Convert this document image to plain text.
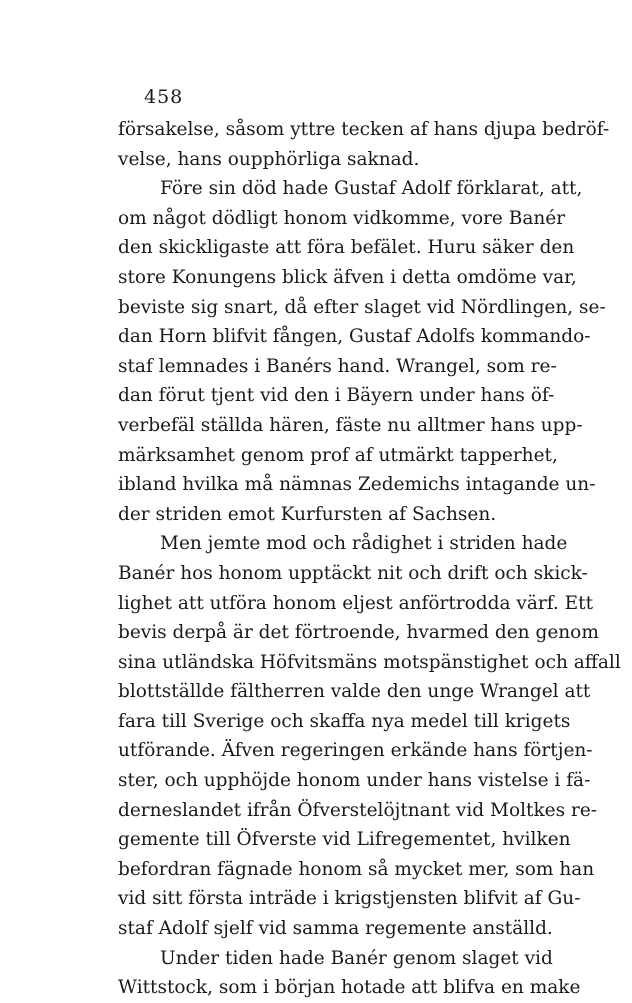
458
försakelse, såsom yttre tecken af hans djupa bedröf-
velse, hans oupphörliga saknad.
Före sin död hade Gustaf Adolf förklarat, att,
om något dödligt honom vidkomme, vore Banér
den skickligaste att föra befälet. Huru säker den
store Konungens blick äfven i detta omdöme var,
beviste sig snart, då efter slaget vid Nördlingen, se-
dan Horn blifvit fången, Gustaf Adolfs kommando-
staf lemnades i Banérs hand. Wrangel, som re-
dan förut tjent vid den i Bäyern under hans öf-
verbefäl ställda hären, fäste nu alltmer hans upp-
märksamhet genom prof af utmärkt tapperhet,
ibland hvilka må nämnas Zedemichs intagande un-
der striden emot Kurfursten af Sachsen.
Men jemte mod och rådighet i striden hade
Banér hos honom upptäckt nit och drift och skick-
lighet att utföra honom eljest anförtrodda värf. Ett
bevis derpå är det förtroende, hvarmed den genom
sina utländska Höfvitsmäns motspänstighet och affall
blottställde fältherren valde den unge Wrangel att
fara till Sverige och skaffa nya medel till krigets
utförande. Äfven regeringen erkände hans förtjen-
ster, och upphöjde honom under hans vistelse i fä-
derneslandet ifrån Öfverstelöjtnant vid Moltkes re-
gemente till Öfverste vid Lifregementet, hvilken
befordran fägnade honom så mycket mer, som han
vid sitt första inträde i krigstjensten blifvit af Gu-
staf Adolf sjelf vid samma regemente anställd.
Under tiden hade Banér genom slaget vid
Wittstock, som i början hotade att blifva en make
